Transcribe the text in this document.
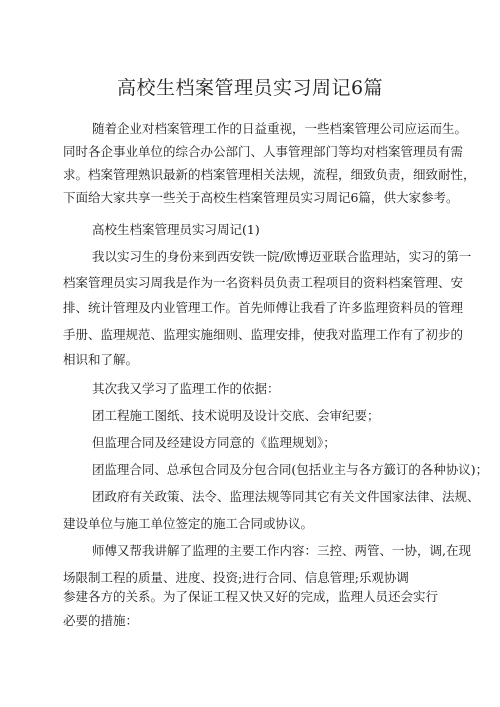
高校生档案管理员实习周记6篇
随着企业对档案管理工作的日益重视，一些档案管理公司应运而生。
同时各企事业单位的综合办公部门、人事管理部门等均对档案管理员有需
求。档案管理熟识最新的档案管理相关法规，流程，细致负责，细致耐性，
下面给大家共享一些关于高校生档案管理员实习周记6篇，供大家参考。
高校生档案管理员实习周记(1)
我以实习生的身份来到西安铁一院/欧博迈亚联合监理站，实习的第一
档案管理员实习周我是作为一名资料员负责工程项目的资料档案管理、安
排、统计管理及内业管理工作。首先师傅让我看了许多监理资料员的管理
手册、监理规范、监理实施细则、监理安排，使我对监理工作有了初步的
相识和了解。
其次我又学习了监理工作的依据：
团工程施工图纸、技术说明及设计交底、会审纪要；
但监理合同及经建设方同意的《监理规划》；
团监理合同、总承包合同及分包合同(包括业主与各方籖订的各种协议)；
团政府有关政策、法令、监理法规等同其它有关文件国家法律、法规、
建设单位与施工单位签定的施工合同或协议。
师傅又帮我讲解了监理的主要工作内容：三控、两管、一协，调,在现
场限制工程的质量、进度、投资;进行合同、信息管理;乐观协调
参建各方的关系。为了保证工程又快又好的完成，监理人员还会实行
必要的措施：
